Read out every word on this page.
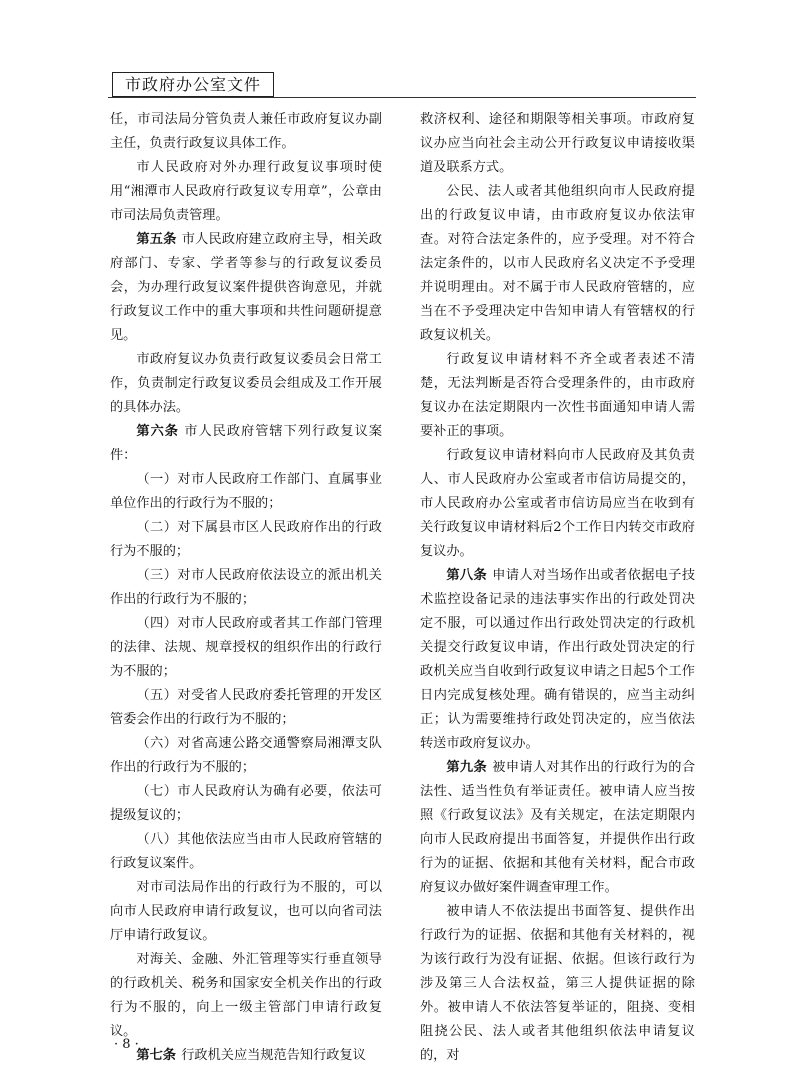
市政府办公室文件

任，市司法局分管负责人兼任市政府复议办副主任，负责行政复议具体工作。

市人民政府对外办理行政复议事项时使用“湘潭市人民政府行政复议专用章”，公章由市司法局负责管理。

第五条 市人民政府建立政府主导，相关政府部门、专家、学者等参与的行政复议委员会，为办理行政复议案件提供咨询意见，并就行政复议工作中的重大事项和共性问题研提意见。

市政府复议办负责行政复议委员会日常工作，负责制定行政复议委员会组成及工作开展的具体办法。

第六条 市人民政府管辖下列行政复议案件：

（一）对市人民政府工作部门、直属事业单位作出的行政行为不服的；

（二）对下属县市区人民政府作出的行政行为不服的；

（三）对市人民政府依法设立的派出机关作出的行政行为不服的；

（四）对市人民政府或者其工作部门管理的法律、法规、规章授权的组织作出的行政行为不服的；

（五）对受省人民政府委托管理的开发区管委会作出的行政行为不服的；

（六）对省高速公路交通警察局湘潭支队作出的行政行为不服的；

（七）市人民政府认为确有必要，依法可提级复议的；

（八）其他依法应当由市人民政府管辖的行政复议案件。

对市司法局作出的行政行为不服的，可以向市人民政府申请行政复议，也可以向省司法厅申请行政复议。

对海关、金融、外汇管理等实行垂直领导的行政机关、税务和国家安全机关作出的行政行为不服的，向上一级主管部门申请行政复议。

第七条 行政机关应当规范告知行政复议

救济权利、途径和期限等相关事项。市政府复议办应当向社会主动公开行政复议申请接收渠道及联系方式。

公民、法人或者其他组织向市人民政府提出的行政复议申请，由市政府复议办依法审查。对符合法定条件的，应予受理。对不符合法定条件的，以市人民政府名义决定不予受理并说明理由。对不属于市人民政府管辖的，应当在不予受理决定中告知申请人有管辖权的行政复议机关。

行政复议申请材料不齐全或者表述不清楚，无法判断是否符合受理条件的，由市政府复议办在法定期限内一次性书面通知申请人需要补正的事项。

行政复议申请材料向市人民政府及其负责人、市人民政府办公室或者市信访局提交的，市人民政府办公室或者市信访局应当在收到有关行政复议申请材料后2个工作日内转交市政府复议办。

第八条 申请人对当场作出或者依据电子技术监控设备记录的违法事实作出的行政处罚决定不服，可以通过作出行政处罚决定的行政机关提交行政复议申请，作出行政处罚决定的行政机关应当自收到行政复议申请之日起5个工作日内完成复核处理。确有错误的，应当主动纠正；认为需要维持行政处罚决定的，应当依法转送市政府复议办。

第九条 被申请人对其作出的行政行为的合法性、适当性负有举证责任。被申请人应当按照《行政复议法》及有关规定，在法定期限内向市人民政府提出书面答复，并提供作出行政行为的证据、依据和其他有关材料，配合市政府复议办做好案件调查审理工作。

被申请人不依法提出书面答复、提供作出行政行为的证据、依据和其他有关材料的，视为该行政行为没有证据、依据。但该行政行为涉及第三人合法权益，第三人提供证据的除外。被申请人不依法答复举证的，阻挠、变相阻挠公民、法人或者其他组织依法申请复议的，对

· 8 ·
